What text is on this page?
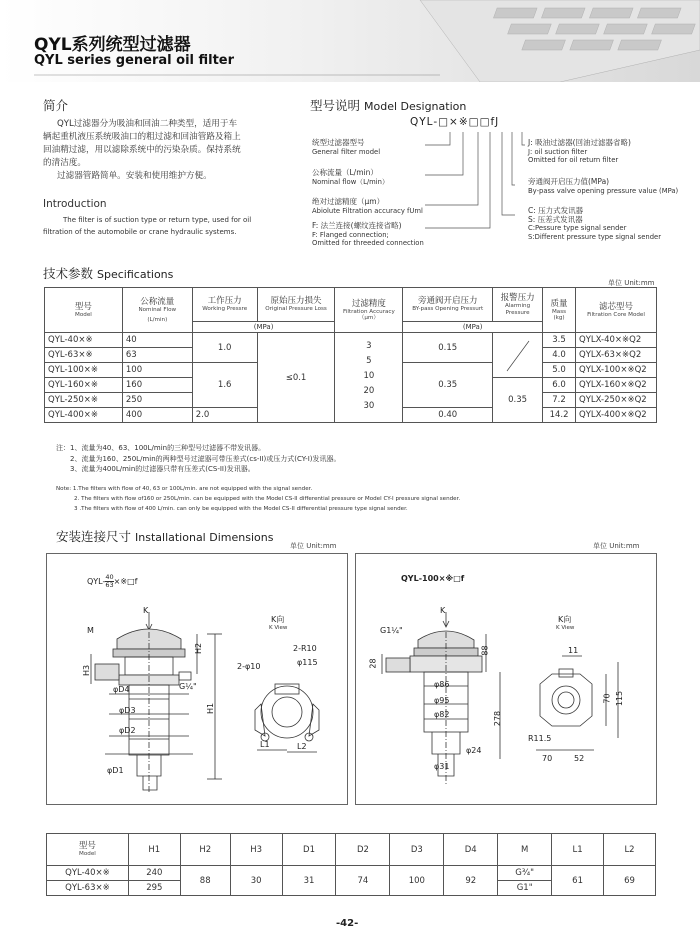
QYL系列统型过滤器
QYL series general oil filter
简介
QYL过滤器分为吸油和回油二种类型，适用于车
辆起重机液压系统吸油口的粗过滤和回油管路及箱上
回油精过滤，用以滤除系统中的污染杂质。保持系统
的清洁度。
过滤器管路简单。安装和使用维护方便。
Introduction
The filter is of suction type or return type, used for oil
filtration of the automobile or crane hydraulic systems.
型号说明 Model Designation
QYL-□×※□□fJ
统型过滤器型号
General filter model
公称流量（L/min）
Nominal flow（L/min）
绝对过滤精度（μm）
Abiolute Filtration accuracy fUml
F: 法兰连接(螺纹连接省略)
F: Flanged connection;
Omitted for threeded connection
J: 吸油过滤器(回油过滤器省略)
J: oil suction filter
Omitted for oil return filter
旁通阀开启压力值(MPa)
By-pass valve opening pressure value (MPa)
C: 压力式发讯器
S: 压差式发讯器
C:Pessure type signal sender
S:Different pressure type signal sender
技术参数 Specifications
单位 Unit:mm
型号
Model	公称流量
Nominal Flow
(L/min)	工作压力
Working Pressre	原始压力损失
Original Pressure Loss	过滤精度
Filtration Accuracy
（μm）	旁通阀开启压力
BY-pass Opening Pressurt	报警压力
Alarming Pressure	质量
Mass
(kg)	滤芯型号
Filtration Core Model

		(MPa)			(MPa)			
QYL-40×※	40	1.0	≤0.1	3
5
10
20
30	0.15		3.5	QYLX-40×※Q2
QYL-63×※	63						4.0	QYLX-63×※Q2
QYL-100×※	100	1.6			0.35		5.0	QYLX-100×※Q2
QYL-160×※	160					0.35	6.0	QYLX-160×※Q2
QYL-250×※	250						7.2	QYLX-250×※Q2
QYL-400×※	400	2.0			0.40		14.2	QYLX-400×※Q2
注：1、流量为40、63、100L/min的三种型号过滤器不带发讯器。
2、流量为160、250L/min的两种型号过滤器可带压差式(cs-II)或压力式(CY-I)发讯器。
3、流量为400L/min的过滤器只带有压差式(CS-II)发讯器。
Note: 1.The filters with flow of 40, 63 or 100L/min. are not equipped with the signal sender.
2. The filters with flow of160 or 250L/min. can be equipped with the Model CS-II differential pressure or Model CY-I pressure signal sender.
3 .The filters with flow of 400 L/min. can only be equipped with the Model CS-II differential pressure type signal sender.
安装连接尺寸 Installational Dimensions
单位 Unit:mm	单位 Unit:mm
$QYL- \frac{40}{63}$ ×※□f
K
M
H3
H2
φD4
φD3
φD2
G¼"
H1
φD1
K向
K View
2-R10
2-φ10	φ115
L1	L2
QYL-100×※□f
K
G1¼"
88
28
φ86
φ95
φ82	278
φ31
φ24
K向
K View
11
70 115
R11.5
70	52
型号
Model	H1	H2	H3	D1	D2	D3	D4	M	L1	L2
QYL-40×※	240	88	30	31	74	100	92	G³⁄₄"	61	69
QYL-63×※	295							G1"		
-42-
